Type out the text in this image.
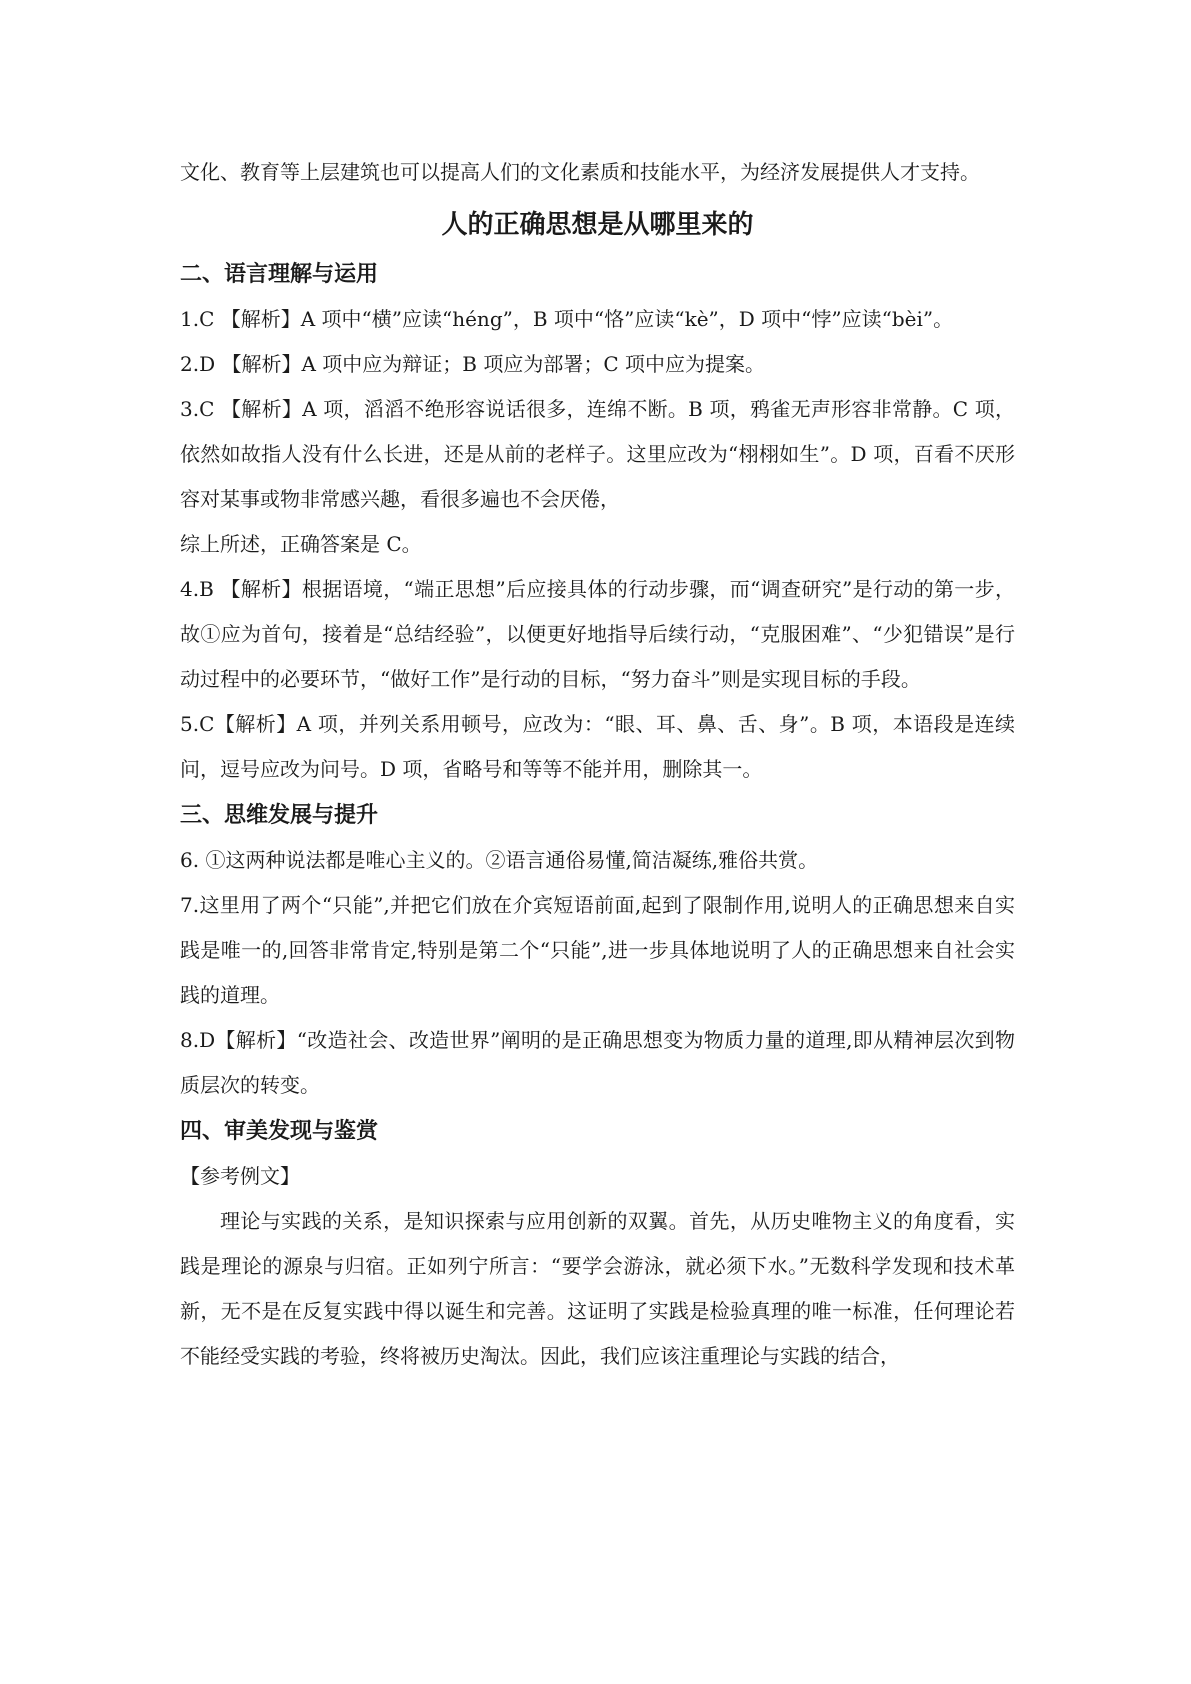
文化、教育等上层建筑也可以提高人们的文化素质和技能水平，为经济发展提供人才支持。

人的正确思想是从哪里来的
二、语言理解与运用

1.C 【解析】A 项中“横”应读“héng”，B 项中“恪”应读“kè”，D 项中“悖”应读“bèi”。

2.D 【解析】A 项中应为辩证；B 项应为部署；C 项中应为提案。

3.C 【解析】A 项，滔滔不绝形容说话很多，连绵不断。B 项，鸦雀无声形容非常静。C 项，依然如故指人没有什么长进，还是从前的老样子。这里应改为“栩栩如生”。D 项，百看不厌形容对某事或物非常感兴趣，看很多遍也不会厌倦，

综上所述，正确答案是 C。

4.B 【解析】根据语境，“端正思想”后应接具体的行动步骤，而“调查研究”是行动的第一步，故①应为首句，接着是“总结经验”，以便更好地指导后续行动，“克服困难”、“少犯错误”是行动过程中的必要环节，“做好工作”是行动的目标，“努力奋斗”则是实现目标的手段。

5.C【解析】A 项，并列关系用顿号，应改为：“眼、耳、鼻、舌、身”。B 项，本语段是连续问，逗号应改为问号。D 项，省略号和等等不能并用，删除其一。

三、思维发展与提升

6. ①这两种说法都是唯心主义的。②语言通俗易懂,简洁凝练,雅俗共赏。

7.这里用了两个“只能”,并把它们放在介宾短语前面,起到了限制作用,说明人的正确思想来自实践是唯一的,回答非常肯定,特别是第二个“只能”,进一步具体地说明了人的正确思想来自社会实践的道理。

8.D【解析】“改造社会、改造世界”阐明的是正确思想变为物质力量的道理,即从精神层次到物质层次的转变。

四、审美发现与鉴赏

【参考例文】

理论与实践的关系，是知识探索与应用创新的双翼。首先，从历史唯物主义的角度看，实践是理论的源泉与归宿。正如列宁所言：“要学会游泳，就必须下水。”无数科学发现和技术革新，无不是在反复实践中得以诞生和完善。这证明了实践是检验真理的唯一标准，任何理论若不能经受实践的考验，终将被历史淘汰。因此，我们应该注重理论与实践的结合，
